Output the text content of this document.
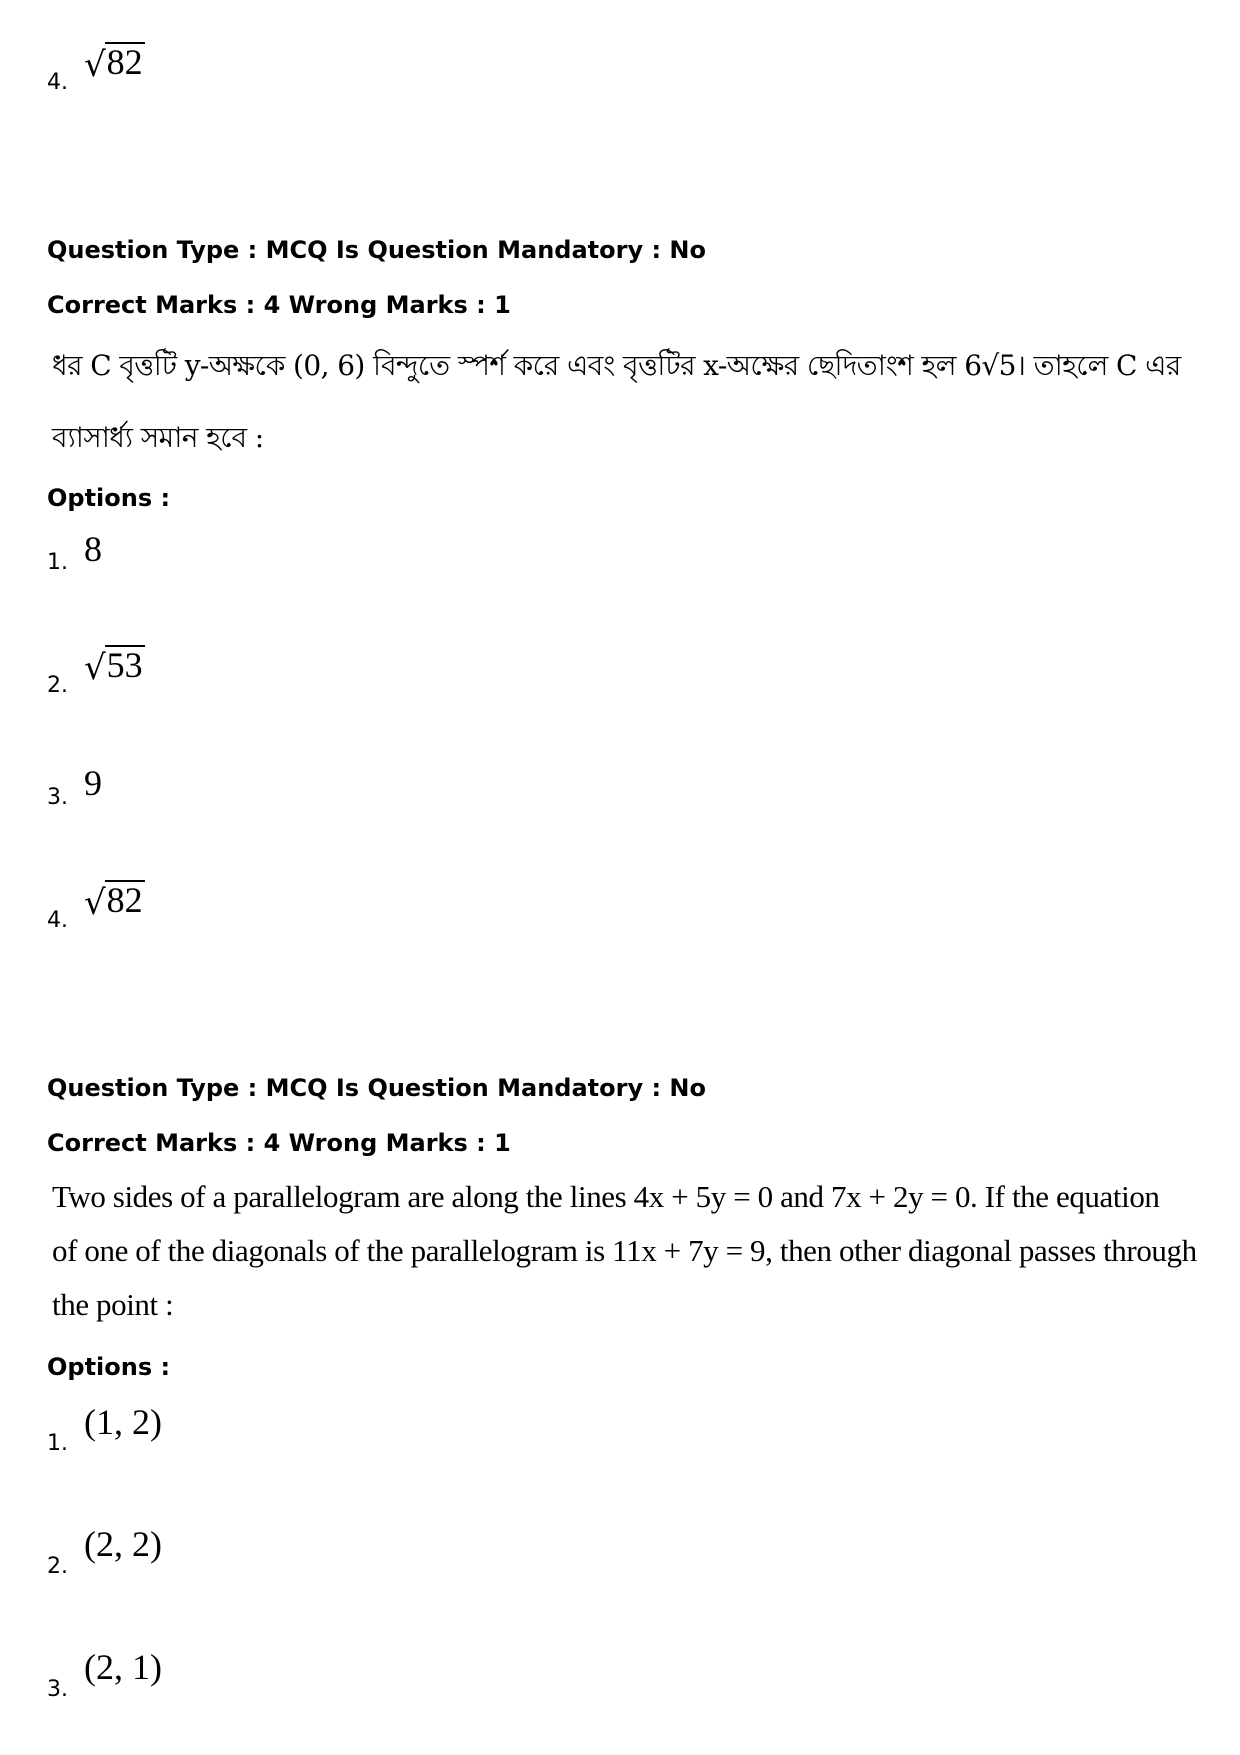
4. √ 82
Question Type : MCQ Is Question Mandatory : No
Correct Marks : 4 Wrong Marks : 1
ধর C বৃত্তটি y-অক্ষকে (0, 6) বিন্দুতে স্পর্শ করে এবং বৃত্তটির x-অক্ষের ছেদিতাংশ হল 6√5। তাহলে C এর
ব্যাসার্ধ্য সমান হবে :
Options :
1. 8
2. √ 53
3. 9
4. √ 82
Question Type : MCQ Is Question Mandatory : No
Correct Marks : 4 Wrong Marks : 1
Two sides of a parallelogram are along the lines 4x + 5y = 0 and 7x + 2y = 0. If the equation
of one of the diagonals of the parallelogram is 11x + 7y = 9, then other diagonal passes through
the point :
Options :
1.
(1, 2)
2.
(2, 2)
3.
(2, 1)
